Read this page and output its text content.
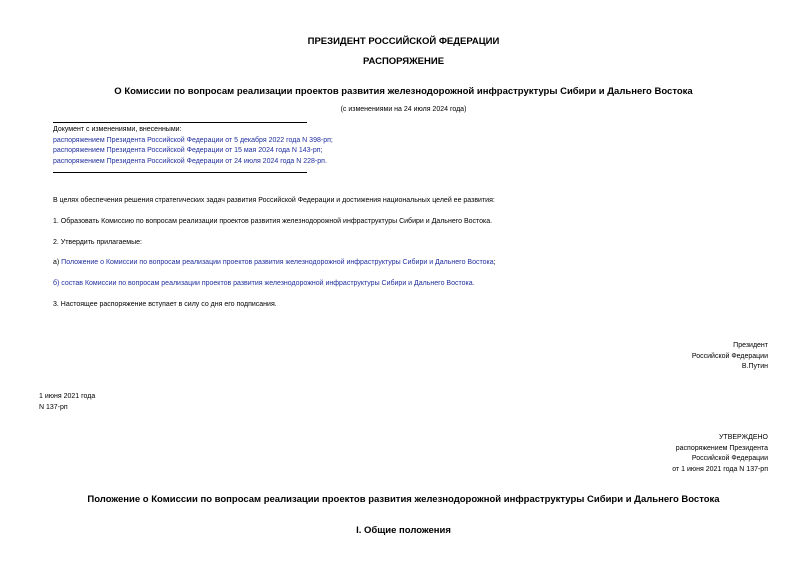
ПРЕЗИДЕНТ РОССИЙСКОЙ ФЕДЕРАЦИИ
РАСПОРЯЖЕНИЕ
О Комиссии по вопросам реализации проектов развития железнодорожной инфраструктуры Сибири и Дальнего Востока
(с изменениями на 24 июля 2024 года)
Документ с изменениями, внесенными:
распоряжением Президента Российской Федерации от 5 декабря 2022 года N 398-рп;
распоряжением Президента Российской Федерации от 15 мая 2024 года N 143-рп;
распоряжением Президента Российской Федерации от 24 июля 2024 года N 228-рп.
В целях обеспечения решения стратегических задач развития Российской Федерации и достижения национальных целей ее развития:
1. Образовать Комиссию по вопросам реализации проектов развития железнодорожной инфраструктуры Сибири и Дальнего Востока.
2. Утвердить прилагаемые:
а) Положение о Комиссии по вопросам реализации проектов развития железнодорожной инфраструктуры Сибири и Дальнего Востока;
б) состав Комиссии по вопросам реализации проектов развития железнодорожной инфраструктуры Сибири и Дальнего Востока.
3. Настоящее распоряжение вступает в силу со дня его подписания.
Президент
Российской Федерации
В.Путин
1 июня 2021 года
N 137-рп
УТВЕРЖДЕНО
распоряжением Президента
Российской Федерации
от 1 июня 2021 года N 137-рп
Положение о Комиссии по вопросам реализации проектов развития железнодорожной инфраструктуры Сибири и Дальнего Востока
I. Общие положения
